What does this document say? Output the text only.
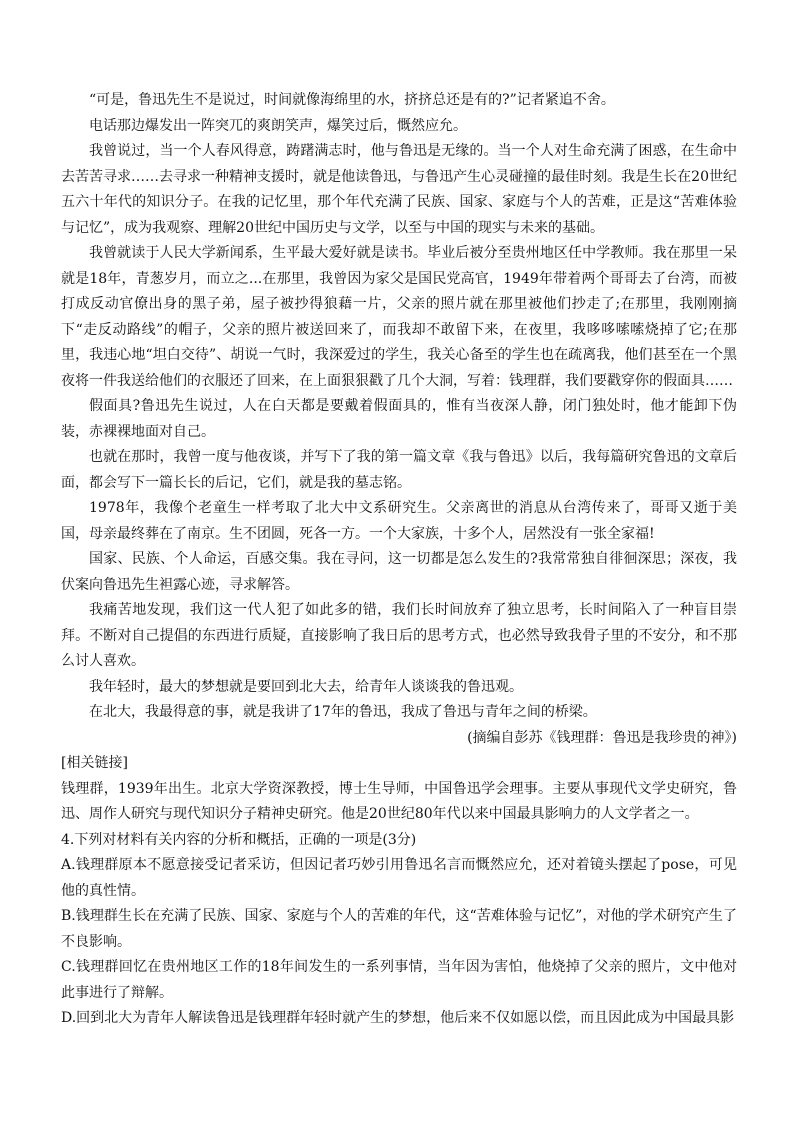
“可是，鲁迅先生不是说过，时间就像海绵里的水，挤挤总还是有的?”记者紧追不舍。

电话那边爆发出一阵突兀的爽朗笑声，爆笑过后，慨然应允。

我曾说过，当一个人春风得意，踌躇满志时，他与鲁迅是无缘的。当一个人对生命充满了困惑，在生命中去苦苦寻求……去寻求一种精神支援时，就是他读鲁迅，与鲁迅产生心灵碰撞的最佳时刻。我是生长在20世纪五六十年代的知识分子。在我的记忆里，那个年代充满了民族、国家、家庭与个人的苦难，正是这“苦难体验与记忆”，成为我观察、理解20世纪中国历史与文学，以至与中国的现实与未来的基础。

我曾就读于人民大学新闻系，生平最大爱好就是读书。毕业后被分至贵州地区任中学教师。我在那里一呆就是18年，青葱岁月，而立之...在那里，我曾因为家父是国民党高官，1949年带着两个哥哥去了台湾，而被打成反动官僚出身的黑子弟，屋子被抄得狼藉一片，父亲的照片就在那里被他们抄走了;在那里，我刚刚摘下“走反动路线”的帽子，父亲的照片被送回来了，而我却不敢留下来，在夜里，我哆哆嗦嗦烧掉了它;在那里，我违心地“坦白交待”、胡说一气时，我深爱过的学生，我关心备至的学生也在疏离我，他们甚至在一个黑夜将一件我送给他们的衣服还了回来，在上面狠狠戳了几个大洞，写着：钱理群，我们要戳穿你的假面具……

假面具?鲁迅先生说过，人在白天都是要戴着假面具的，惟有当夜深人静，闭门独处时，他才能卸下伪装，赤裸裸地面对自己。

也就在那时，我曾一度与他夜谈，并写下了我的第一篇文章《我与鲁迅》以后，我每篇研究鲁迅的文章后面，都会写下一篇长长的后记，它们，就是我的墓志铭。

1978年，我像个老童生一样考取了北大中文系研究生。父亲离世的消息从台湾传来了，哥哥又逝于美国，母亲最终葬在了南京。生不团圆，死各一方。一个大家族，十多个人，居然没有一张全家福!

国家、民族、个人命运，百感交集。我在寻问，这一切都是怎么发生的?我常常独自徘徊深思；深夜，我伏案向鲁迅先生袒露心迹，寻求解答。

我痛苦地发现，我们这一代人犯了如此多的错，我们长时间放弃了独立思考，长时间陷入了一种盲目崇拜。不断对自己提倡的东西进行质疑，直接影响了我日后的思考方式，也必然导致我骨子里的不安分，和不那么讨人喜欢。

我年轻时，最大的梦想就是要回到北大去，给青年人谈谈我的鲁迅观。

在北大，我最得意的事，就是我讲了17年的鲁迅，我成了鲁迅与青年之间的桥梁。

(摘编自彭苏《钱理群：鲁迅是我珍贵的神》)

[相关链接]

钱理群，1939年出生。北京大学资深教授，博士生导师，中国鲁迅学会理事。主要从事现代文学史研究，鲁迅、周作人研究与现代知识分子精神史研究。他是20世纪80年代以来中国最具影响力的人文学者之一。

4.下列对材料有关内容的分析和概括，正确的一项是(3分)

A.钱理群原本不愿意接受记者采访，但因记者巧妙引用鲁迅名言而慨然应允，还对着镜头摆起了pose，可见他的真性情。

B.钱理群生长在充满了民族、国家、家庭与个人的苦难的年代，这“苦难体验与记忆”，对他的学术研究产生了不良影响。

C.钱理群回忆在贵州地区工作的18年间发生的一系列事情，当年因为害怕，他烧掉了父亲的照片，文中他对此事进行了辩解。

D.回到北大为青年人解读鲁迅是钱理群年轻时就产生的梦想，他后来不仅如愿以偿，而且因此成为中国最具影
